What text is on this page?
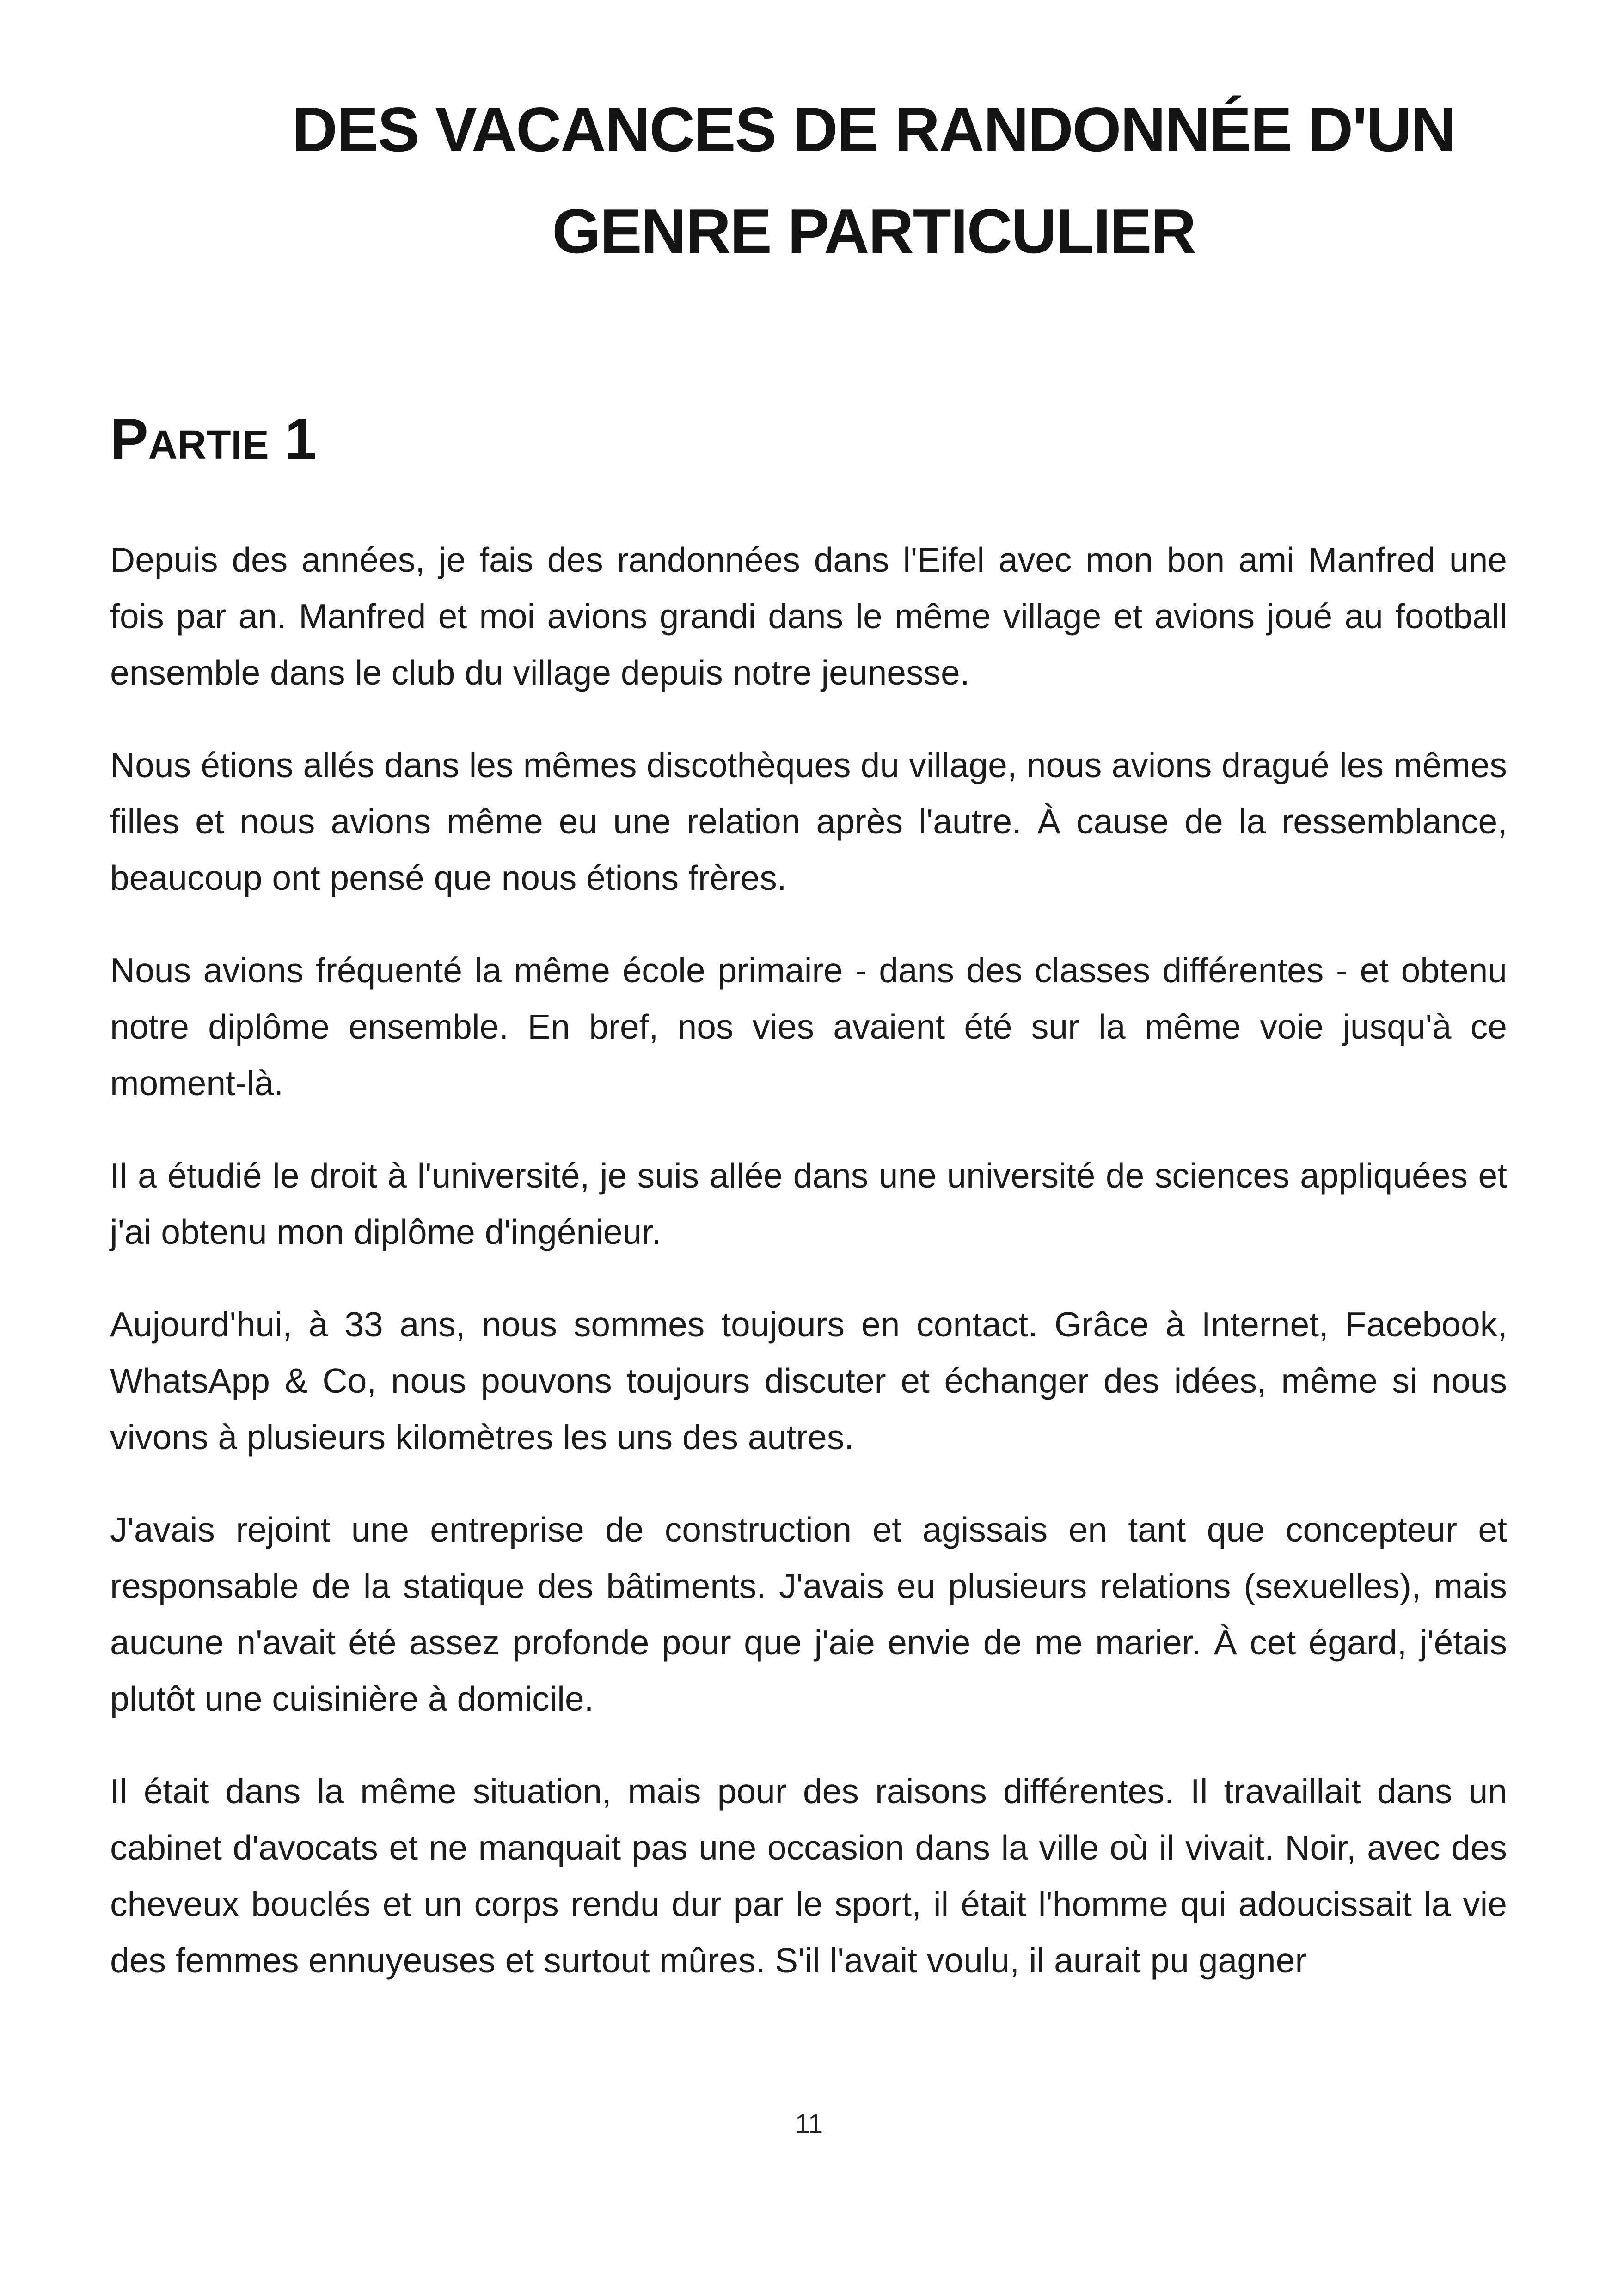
DES VACANCES DE RANDONNÉE D'UN
GENRE PARTICULIER
Partie 1

Depuis des années, je fais des randonnées dans l'Eifel avec mon bon ami Manfred une fois par an. Manfred et moi avions grandi dans le même village et avions joué au football ensemble dans le club du village depuis notre jeunesse.

Nous étions allés dans les mêmes discothèques du village, nous avions dragué les mêmes filles et nous avions même eu une relation après l'autre. À cause de la ressemblance, beaucoup ont pensé que nous étions frères.

Nous avions fréquenté la même école primaire - dans des classes différentes - et obtenu notre diplôme ensemble. En bref, nos vies avaient été sur la même voie jusqu'à ce moment-là.

Il a étudié le droit à l'université, je suis allée dans une université de sciences appliquées et j'ai obtenu mon diplôme d'ingénieur.

Aujourd'hui, à 33 ans, nous sommes toujours en contact. Grâce à Internet, Facebook, WhatsApp & Co, nous pouvons toujours discuter et échanger des idées, même si nous vivons à plusieurs kilomètres les uns des autres.

J'avais rejoint une entreprise de construction et agissais en tant que concepteur et responsable de la statique des bâtiments. J'avais eu plusieurs relations (sexuelles), mais aucune n'avait été assez profonde pour que j'aie envie de me marier. À cet égard, j'étais plutôt une cuisinière à domicile.

Il était dans la même situation, mais pour des raisons différentes. Il travaillait dans un cabinet d'avocats et ne manquait pas une occasion dans la ville où il vivait. Noir, avec des cheveux bouclés et un corps rendu dur par le sport, il était l'homme qui adoucissait la vie des femmes ennuyeuses et surtout mûres. S'il l'avait voulu, il aurait pu gagner

11
